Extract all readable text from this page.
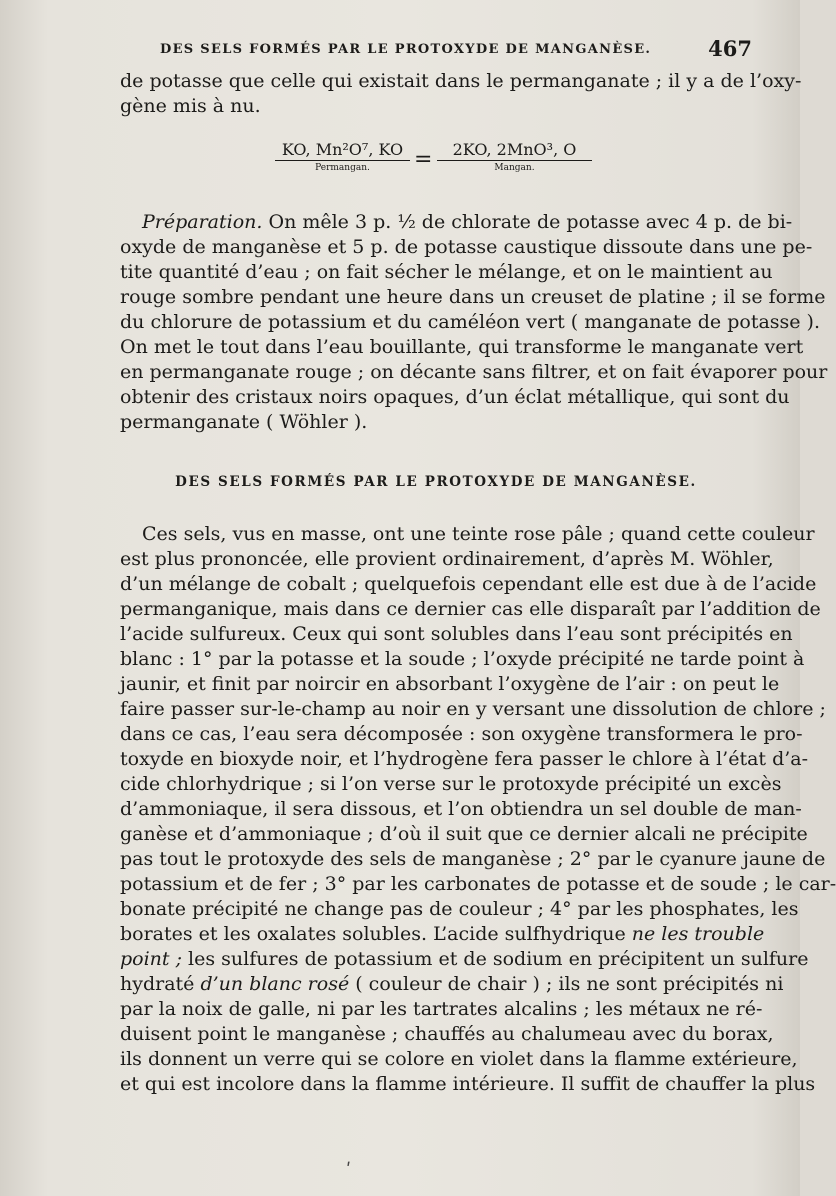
DES SELS FORMÉS PAR LE PROTOXYDE DE MANGANÈSE.	467
de potasse que celle qui existait dans le permanganate ; il y a de l’oxy-
gène mis à nu.
KO, Mn²O⁷, KO
Permangan.	=	2KO, 2MnO³, O
Mangan.
Préparation. On mêle 3 p. ½ de chlorate de potasse avec 4 p. de bi-
oxyde de manganèse et 5 p. de potasse caustique dissoute dans une pe-
tite quantité d’eau ; on fait sécher le mélange, et on le maintient au
rouge sombre pendant une heure dans un creuset de platine ; il se forme
du chlorure de potassium et du caméléon vert ( manganate de potasse ).
On met le tout dans l’eau bouillante, qui transforme le manganate vert
en permanganate rouge ; on décante sans filtrer, et on fait évaporer pour
obtenir des cristaux noirs opaques, d’un éclat métallique, qui sont du
permanganate ( Wöhler ).
DES SELS FORMÉS PAR LE PROTOXYDE DE MANGANÈSE.
Ces sels, vus en masse, ont une teinte rose pâle ; quand cette couleur
est plus prononcée, elle provient ordinairement, d’après M. Wöhler,
d’un mélange de cobalt ; quelquefois cependant elle est due à de l’acide
permanganique, mais dans ce dernier cas elle disparaît par l’addition de
l’acide sulfureux. Ceux qui sont solubles dans l’eau sont précipités en
blanc : 1° par la potasse et la soude ; l’oxyde précipité ne tarde point à
jaunir, et finit par noircir en absorbant l’oxygène de l’air : on peut le
faire passer sur-le-champ au noir en y versant une dissolution de chlore ;
dans ce cas, l’eau sera décomposée : son oxygène transformera le pro-
toxyde en bioxyde noir, et l’hydrogène fera passer le chlore à l’état d’a-
cide chlorhydrique ; si l’on verse sur le protoxyde précipité un excès
d’ammoniaque, il sera dissous, et l’on obtiendra un sel double de man-
ganèse et d’ammoniaque ; d’où il suit que ce dernier alcali ne précipite
pas tout le protoxyde des sels de manganèse ; 2° par le cyanure jaune de
potassium et de fer ; 3° par les carbonates de potasse et de soude ; le car-
bonate précipité ne change pas de couleur ; 4° par les phosphates, les
borates et les oxalates solubles. L’acide sulfhydrique ne les trouble
point ; les sulfures de potassium et de sodium en précipitent un sulfure
hydraté d’un blanc rosé ( couleur de chair ) ; ils ne sont précipités ni
par la noix de galle, ni par les tartrates alcalins ; les métaux ne ré-
duisent point le manganèse ; chauffés au chalumeau avec du borax,
ils donnent un verre qui se colore en violet dans la flamme extérieure,
et qui est incolore dans la flamme intérieure. Il suffit de chauffer la plus
ʹ
